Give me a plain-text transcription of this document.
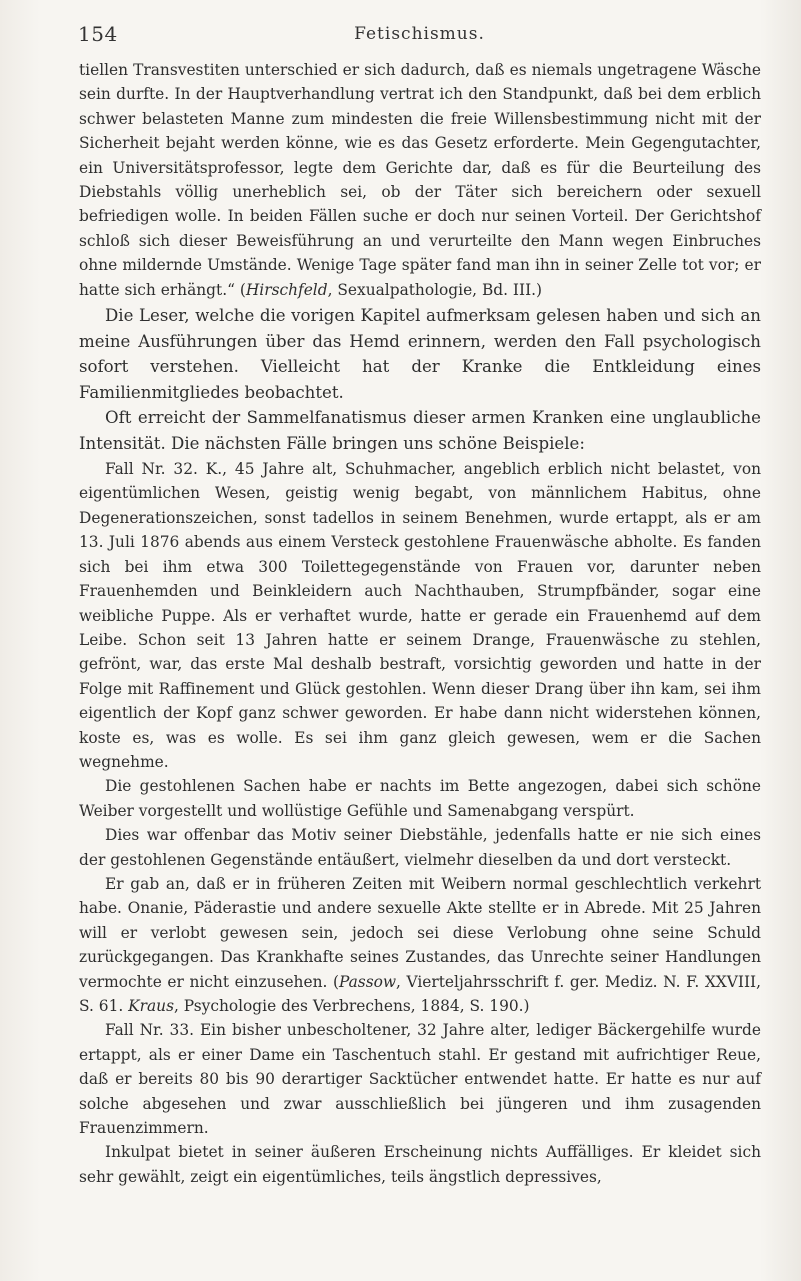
154	Fetischismus.

tiellen Transvestiten unterschied er sich dadurch, daß es niemals ungetragene Wäsche sein durfte. In der Hauptverhandlung vertrat ich den Standpunkt, daß bei dem erblich schwer belasteten Manne zum mindesten die freie Willensbestimmung nicht mit der Sicherheit bejaht werden könne, wie es das Gesetz erforderte. Mein Gegengutachter, ein Universitätsprofessor, legte dem Gerichte dar, daß es für die Beurteilung des Diebstahls völlig unerheblich sei, ob der Täter sich bereichern oder sexuell befriedigen wolle. In beiden Fällen suche er doch nur seinen Vorteil. Der Gerichtshof schloß sich dieser Beweisführung an und verurteilte den Mann wegen Einbruches ohne mildernde Umstände. Wenige Tage später fand man ihn in seiner Zelle tot vor; er hatte sich erhängt.“ (Hirschfeld, Sexualpathologie, Bd. III.)

Die Leser, welche die vorigen Kapitel aufmerksam gelesen haben und sich an meine Ausführungen über das Hemd erinnern, werden den Fall psychologisch sofort verstehen. Vielleicht hat der Kranke die Entkleidung eines Familienmitgliedes beobachtet.

Oft erreicht der Sammelfanatismus dieser armen Kranken eine unglaubliche Intensität. Die nächsten Fälle bringen uns schöne Beispiele:

Fall Nr. 32. K., 45 Jahre alt, Schuhmacher, angeblich erblich nicht belastet, von eigentümlichen Wesen, geistig wenig begabt, von männlichem Habitus, ohne Degenerationszeichen, sonst tadellos in seinem Benehmen, wurde ertappt, als er am 13. Juli 1876 abends aus einem Versteck gestohlene Frauenwäsche abholte. Es fanden sich bei ihm etwa 300 Toilettegegenstände von Frauen vor, darunter neben Frauenhemden und Beinkleidern auch Nachthauben, Strumpfbänder, sogar eine weibliche Puppe. Als er verhaftet wurde, hatte er gerade ein Frauenhemd auf dem Leibe. Schon seit 13 Jahren hatte er seinem Drange, Frauenwäsche zu stehlen, gefrönt, war, das erste Mal deshalb bestraft, vorsichtig geworden und hatte in der Folge mit Raffinement und Glück gestohlen. Wenn dieser Drang über ihn kam, sei ihm eigentlich der Kopf ganz schwer geworden. Er habe dann nicht widerstehen können, koste es, was es wolle. Es sei ihm ganz gleich gewesen, wem er die Sachen wegnehme.

Die gestohlenen Sachen habe er nachts im Bette angezogen, dabei sich schöne Weiber vorgestellt und wollüstige Gefühle und Samenabgang verspürt.

Dies war offenbar das Motiv seiner Diebstähle, jedenfalls hatte er nie sich eines der gestohlenen Gegenstände entäußert, vielmehr dieselben da und dort versteckt.

Er gab an, daß er in früheren Zeiten mit Weibern normal geschlechtlich verkehrt habe. Onanie, Päderastie und andere sexuelle Akte stellte er in Abrede. Mit 25 Jahren will er verlobt gewesen sein, jedoch sei diese Verlobung ohne seine Schuld zurückgegangen. Das Krankhafte seines Zustandes, das Unrechte seiner Handlungen vermochte er nicht einzusehen. (Passow, Vierteljahrsschrift f. ger. Mediz. N. F. XXVIII, S. 61. Kraus, Psychologie des Verbrechens, 1884, S. 190.)

Fall Nr. 33. Ein bisher unbescholtener, 32 Jahre alter, lediger Bäckergehilfe wurde ertappt, als er einer Dame ein Taschentuch stahl. Er gestand mit aufrichtiger Reue, daß er bereits 80 bis 90 derartiger Sacktücher entwendet hatte. Er hatte es nur auf solche abgesehen und zwar ausschließlich bei jüngeren und ihm zusagenden Frauenzimmern.

Inkulpat bietet in seiner äußeren Erscheinung nichts Auffälliges. Er kleidet sich sehr gewählt, zeigt ein eigentümliches, teils ängstlich depressives,
